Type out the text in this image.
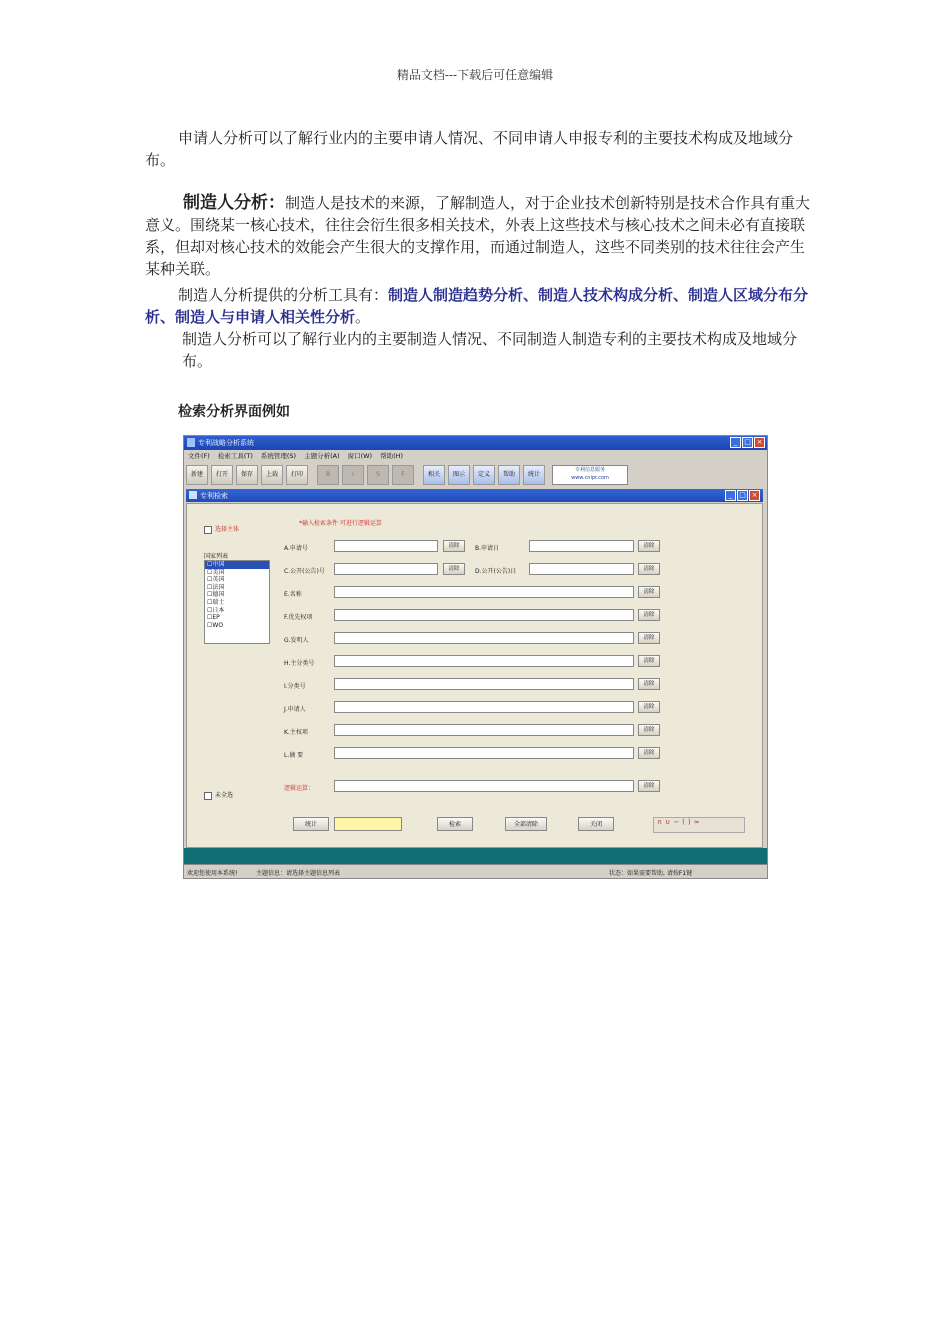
精品文档---下载后可任意编辑
申请人分析可以了解行业内的主要申请人情况、不同申请人申报专利的主要技术构成及地域分布。
制造人分析：制造人是技术的来源，了解制造人，对于企业技术创新特别是技术合作具有重大意义。围绕某一核心技术，往往会衍生很多相关技术，外表上这些技术与核心技术之间未必有直接联系，但却对核心技术的效能会产生很大的支撑作用，而通过制造人，这些不同类别的技术往往会产生某种关联。
制造人分析提供的分析工具有：制造人制造趋势分析、制造人技术构成分析、制造人区域分布分析、制造人与申请人相关性分析。
制造人分析可以了解行业内的主要制造人情况、不同制造人制造专利的主要技术构成及地域分布。
检索分析界面例如
专利战略分析系统	_ □ ×
文件(F) 检索工具(T) 系统管理(S) 主题分析(A) 窗口(W) 帮助(H)
新建	打开	保存	上载	打印	B	I	S	F	相关	图示	定义	帮助	统计
专利信息服务
www.cnipr.com
专利检索	_ □ ×
选择主体
国家列表
☐中国
☐美国
☐英国
☐法国
☐德国
☐瑞士
☐日本
☐EP
☐WO
未全选
*输入检索条件 可进行逻辑运算
A.申请号	清除	B.申请日	清除
C.公开(公告)号	清除	D.公开(公告)日	清除
E.名称	清除
F.优先权项	清除
G.发明人	清除
H.主分类号	清除
I.分类号	清除
J.申请人	清除
K.主权项	清除
L.摘 要	清除
逻辑运算：	清除
统计	检索	全部清除	关闭	∩∪∽()≈
欢迎您使用本系统!	主题信息：请选择主题信息列表	状态：如果需要帮助, 请按F1键
